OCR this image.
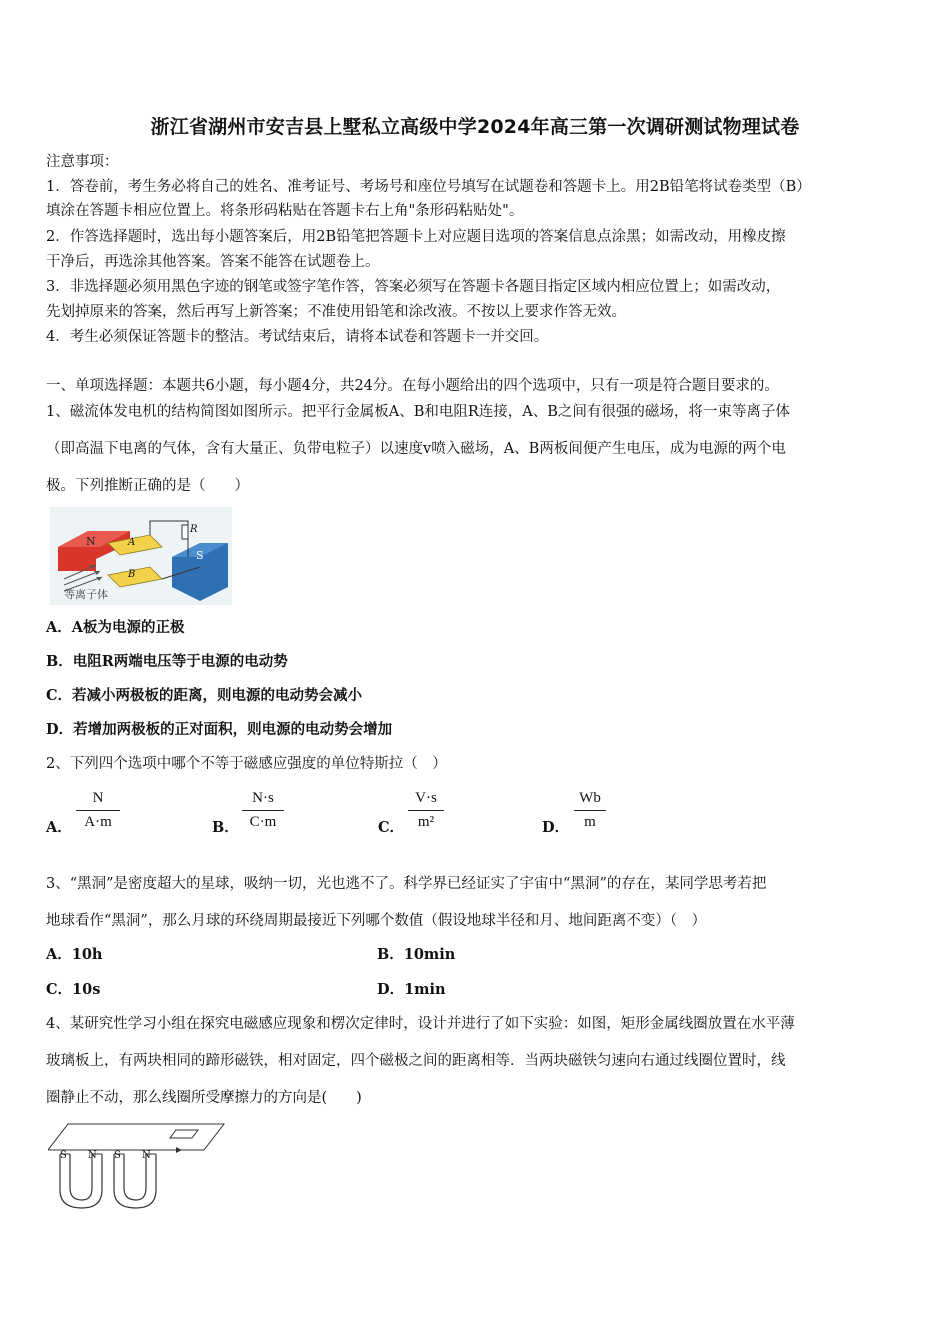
浙江省湖州市安吉县上墅私立高级中学2024年高三第一次调研测试物理试卷
注意事项：
1．答卷前，考生务必将自己的姓名、准考证号、考场号和座位号填写在试题卷和答题卡上。用2B铅笔将试卷类型（B）
填涂在答题卡相应位置上。将条形码粘贴在答题卡右上角"条形码粘贴处"。
2．作答选择题时，选出每小题答案后，用2B铅笔把答题卡上对应题目选项的答案信息点涂黑；如需改动，用橡皮擦
干净后，再选涂其他答案。答案不能答在试题卷上。
3．非选择题必须用黑色字迹的钢笔或签字笔作答，答案必须写在答题卡各题目指定区域内相应位置上；如需改动，
先划掉原来的答案，然后再写上新答案；不准使用铅笔和涂改液。不按以上要求作答无效。
4．考生必须保证答题卡的整洁。考试结束后，请将本试卷和答题卡一并交回。
一、单项选择题：本题共6小题，每小题4分，共24分。在每小题给出的四个选项中，只有一项是符合题目要求的。
1、磁流体发电机的结构简图如图所示。把平行金属板A、B和电阻R连接，A、B之间有很强的磁场，将一束等离子体
（即高温下电离的气体，含有大量正、负带电粒子）以速度v喷入磁场，A、B两板间便产生电压，成为电源的两个电
极。下列推断正确的是（　　）
N
S
A
B
R
等离子体
A．A板为电源的正极
B．电阻R两端电压等于电源的电动势
C．若减小两极板的距离，则电源的电动势会减小
D．若增加两极板的正对面积，则电源的电动势会增加
2、下列四个选项中哪个不等于磁感应强度的单位特斯拉（　）
A． $\frac{N}{A\cdot m}$	B． $\frac{N\cdot s}{C\cdot m}$	C． $\frac{V\cdot s}{\text{m²}}$	D． $\frac{Wb}{m}$
3、“黑洞”是密度超大的星球，吸纳一切，光也逃不了。科学界已经证实了宇宙中“黑洞”的存在，某同学思考若把
地球看作“黑洞”，那么月球的环绕周期最接近下列哪个数值（假设地球半径和月、地间距离不变）（　）
A．10h	B．10min
C．10s	D．1min
4、某研究性学习小组在探究电磁感应现象和楞次定律时，设计并进行了如下实验：如图，矩形金属线圈放置在水平薄
玻璃板上，有两块相同的蹄形磁铁，相对固定，四个磁极之间的距离相等．当两块磁铁匀速向右通过线圈位置时，线
圈静止不动，那么线圈所受摩擦力的方向是(　　)
S N S N
